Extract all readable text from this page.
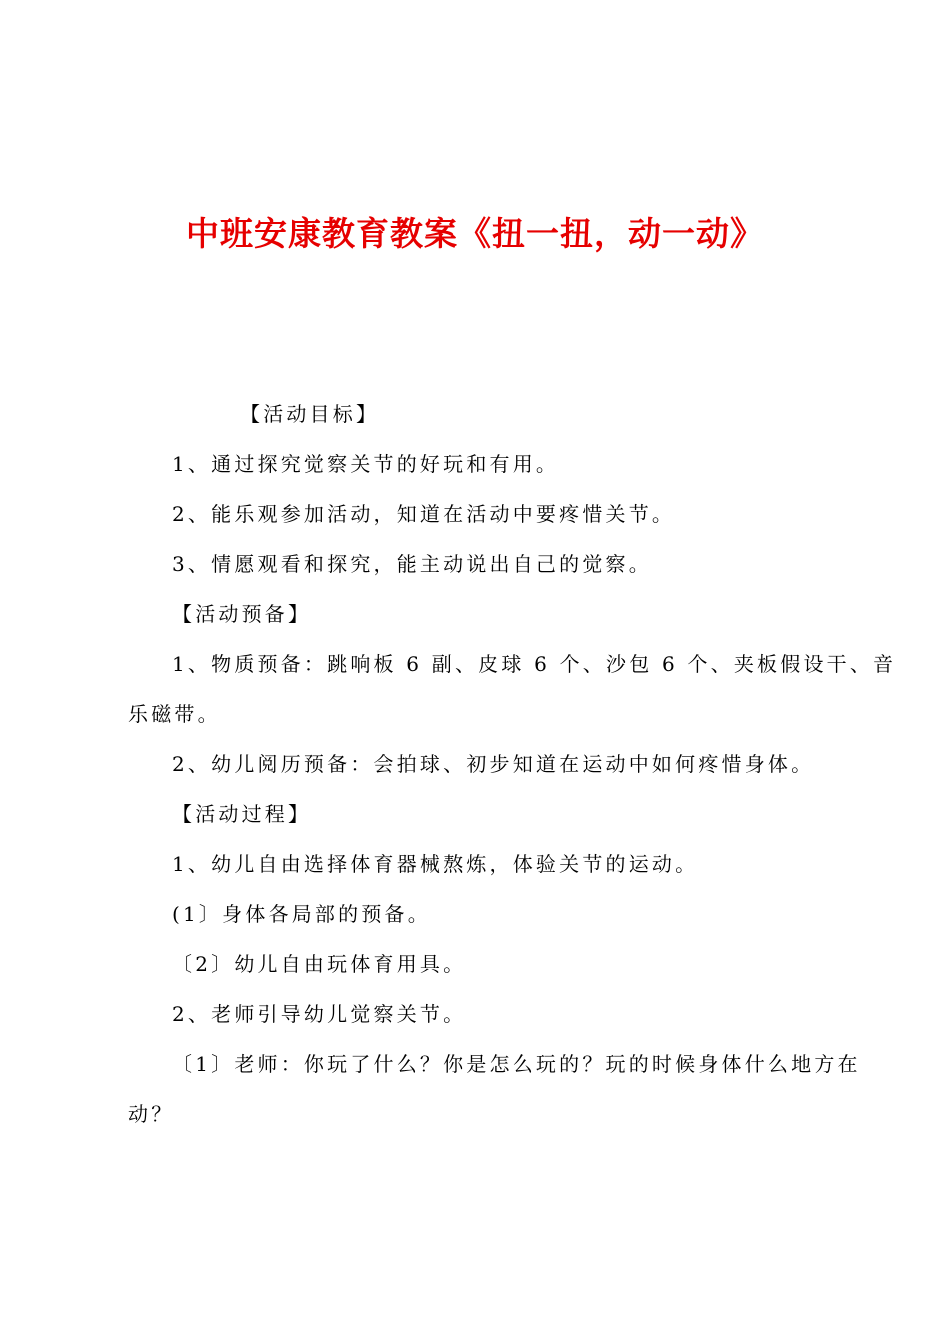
中班安康教育教案《扭一扭，动一动》
【活动目标】
1、通过探究觉察关节的好玩和有用。
2、能乐观参加活动，知道在活动中要疼惜关节。
3、情愿观看和探究，能主动说出自己的觉察。
【活动预备】
1、物质预备：跳响板 6 副、皮球 6 个、沙包 6 个、夹板假设干、音
乐磁带。
2、幼儿阅历预备：会拍球、初步知道在运动中如何疼惜身体。
【活动过程】
1、幼儿自由选择体育器械熬炼，体验关节的运动。
(1〕身体各局部的预备。
〔2〕幼儿自由玩体育用具。
2、老师引导幼儿觉察关节。
〔1〕老师：你玩了什么？你是怎么玩的？玩的时候身体什么地方在
动？
